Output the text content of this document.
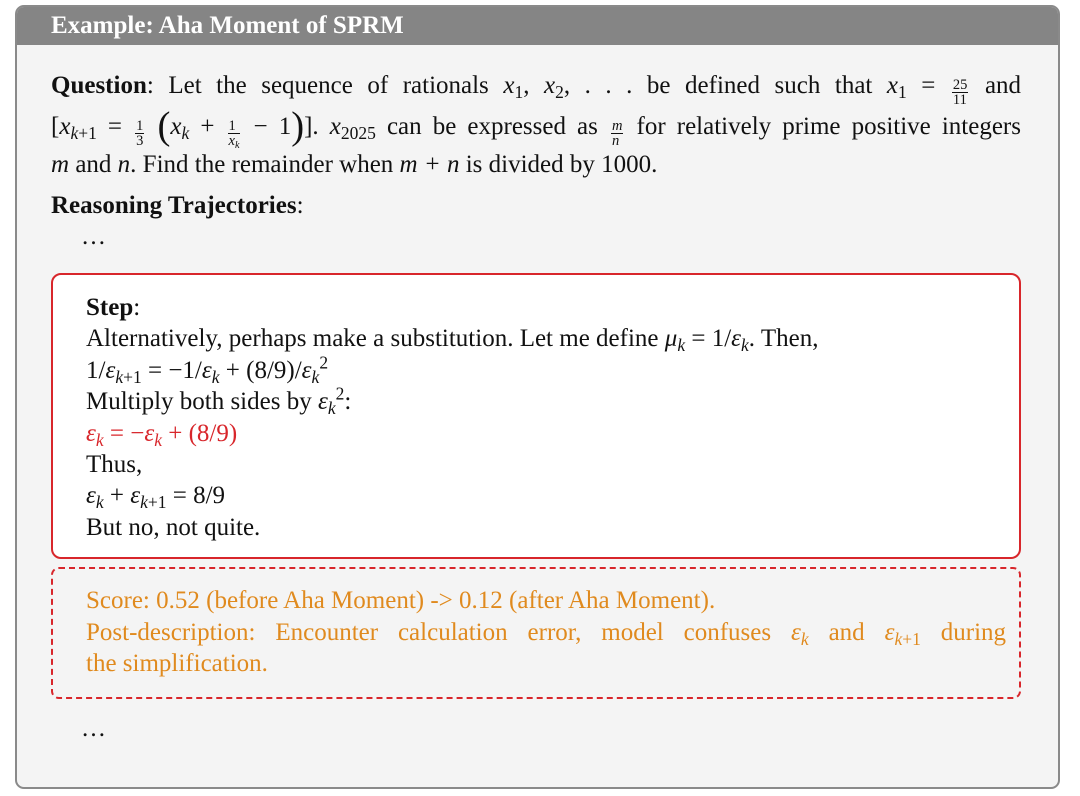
Example: Aha Moment of SPRM
Question: Let the sequence of rationals $x_1$, $x_2$, . . . be defined such that $x_1 = \frac{25}{11}$ and
$[x_{k+1} = \frac{1}{3} (x_k + \frac{1}{x_k} - 1)]$. $x_{2025}$ can be expressed as $\frac{m}{n}$ for relatively prime positive integers
m and n. Find the remainder when m + n is divided by 1000.
Reasoning Trajectories:
…
Step:
Alternatively, perhaps make a substitution. Let me define $\mu_k = 1/\varepsilon_k$. Then,
$1/\varepsilon_{k+1} = -1/\varepsilon_k + (8/9)/\varepsilon_k^2$
Multiply both sides by $\varepsilon_k^2$:
$\varepsilon_k = -\varepsilon_k + (8/9)$
Thus,
$\varepsilon_k + \varepsilon_{k+1} = 8/9$
But no, not quite.
Score: 0.52 (before Aha Moment) -> 0.12 (after Aha Moment).
Post-description: Encounter calculation error, model confuses $\varepsilon_k$ and $\varepsilon_{k+1}$ during
the simplification.
…
